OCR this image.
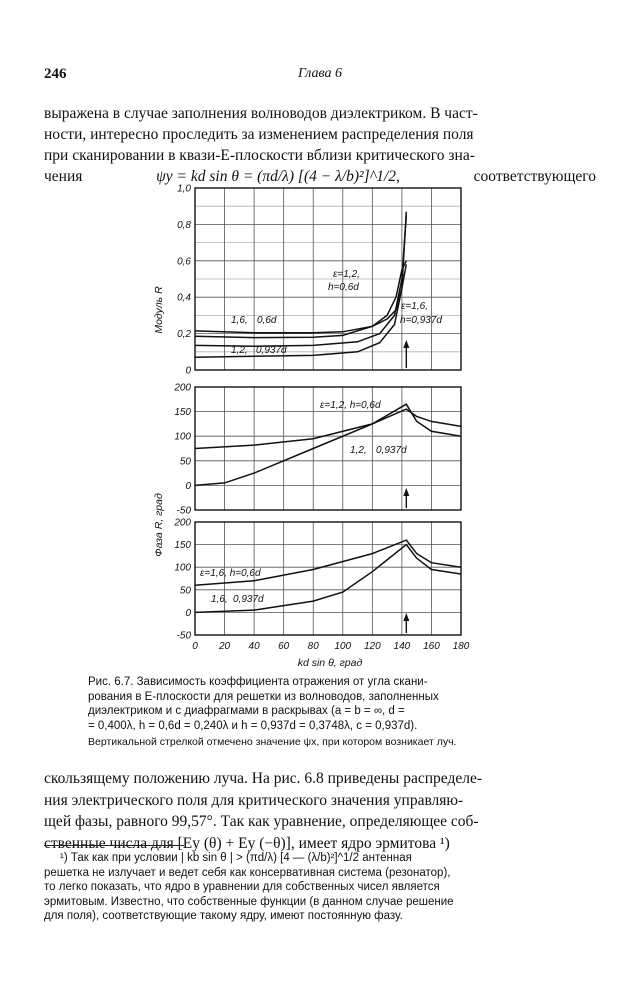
246	Глава 6

выражена в случае заполнения волноводов диэлектриком. В част-

ности, интересно проследить за изменением распределения поля

при сканировании в квази-E-плоскости вблизи критического зна-

чения	ψy = kd sin θ = (πd/λ) [(4 − λ/b)²]^1/2,	соответствующего

1,0
0,8
0,6
0,4
0,2
0
200
150
100
50
0
-50
200
150
100
50
0
-50
0 20 40 60 80 100 120 140 160 180
Модуль R
Фаза R, град
kd sin θ, град
ε=1,2,
h=0,6d
ε=1,6,
h=0,937d
1,6, 0,6d
1,2, 0,937d
ε=1,2, h=0,6d
1,2, 0,937d
ε=1,6, h=0,6d
1,6, 0,937d

Рис. 6.7. Зависимость коэффициента отражения от угла скани-

рования в E-плоскости для решетки из волноводов, заполненных

диэлектриком и с диафрагмами в раскрывах (a = b = ∞, d =

= 0,400λ, h = 0,6d = 0,240λ и h = 0,937d = 0,3748λ, c = 0,937d).

Вертикальной стрелкой отмечено значение ψx, при котором возникает луч.

скользящему положению луча. На рис. 6.8 приведены распределе-

ния электрического поля для критического значения управляю-

щей фазы, равного 99,57°. Так как уравнение, определяющее соб-

ственные числа для [Ey (θ) + Ey (−θ)], имеет ядро эрмитова ¹)

¹) Так как при условии | kb sin θ | > (πd/λ) [4 — (λ/b)²]^1/2 антенная

решетка не излучает и ведет себя как консервативная система (резонатор),

то легко показать, что ядро в уравнении для собственных чисел является

эрмитовым. Известно, что собственные функции (в данном случае решение

для поля), соответствующие такому ядру, имеют постоянную фазу.
